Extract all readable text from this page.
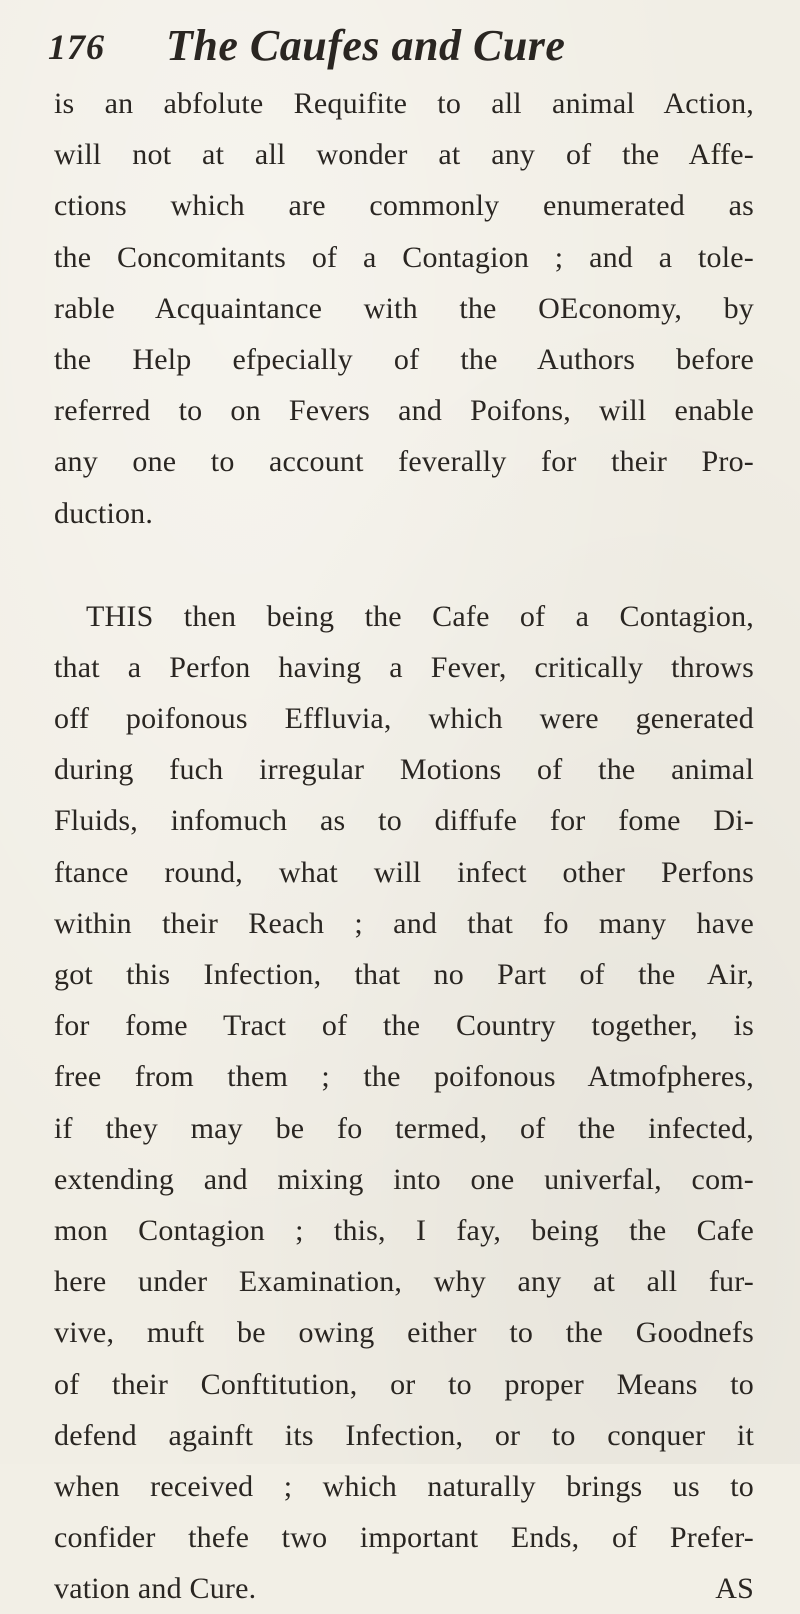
176 The Caufes and Cure
is an abfolute Requifite to all animal Action,
will not at all wonder at any of the Affe-
ctions which are commonly enumerated as
the Concomitants of a Contagion ; and a tole-
rable Acquaintance with the OEconomy, by
the Help efpecially of the Authors before
referred to on Fevers and Poifons, will enable
any one to account feverally for their Pro-
duction.
THIS then being the Cafe of a Contagion,
that a Perfon having a Fever, critically throws
off poifonous Effluvia, which were generated
during fuch irregular Motions of the animal
Fluids, infomuch as to diffufe for fome Di-
ftance round, what will infect other Perfons
within their Reach ; and that fo many have
got this Infection, that no Part of the Air,
for fome Tract of the Country together, is
free from them ; the poifonous Atmofpheres,
if they may be fo termed, of the infected,
extending and mixing into one univerfal, com-
mon Contagion ; this, I fay, being the Cafe
here under Examination, why any at all fur-
vive, muft be owing either to the Goodnefs
of their Conftitution, or to proper Means to
defend againft its Infection, or to conquer it
when received ; which naturally brings us to
confider thefe two important Ends, of Prefer-
vation and Cure.	AS
